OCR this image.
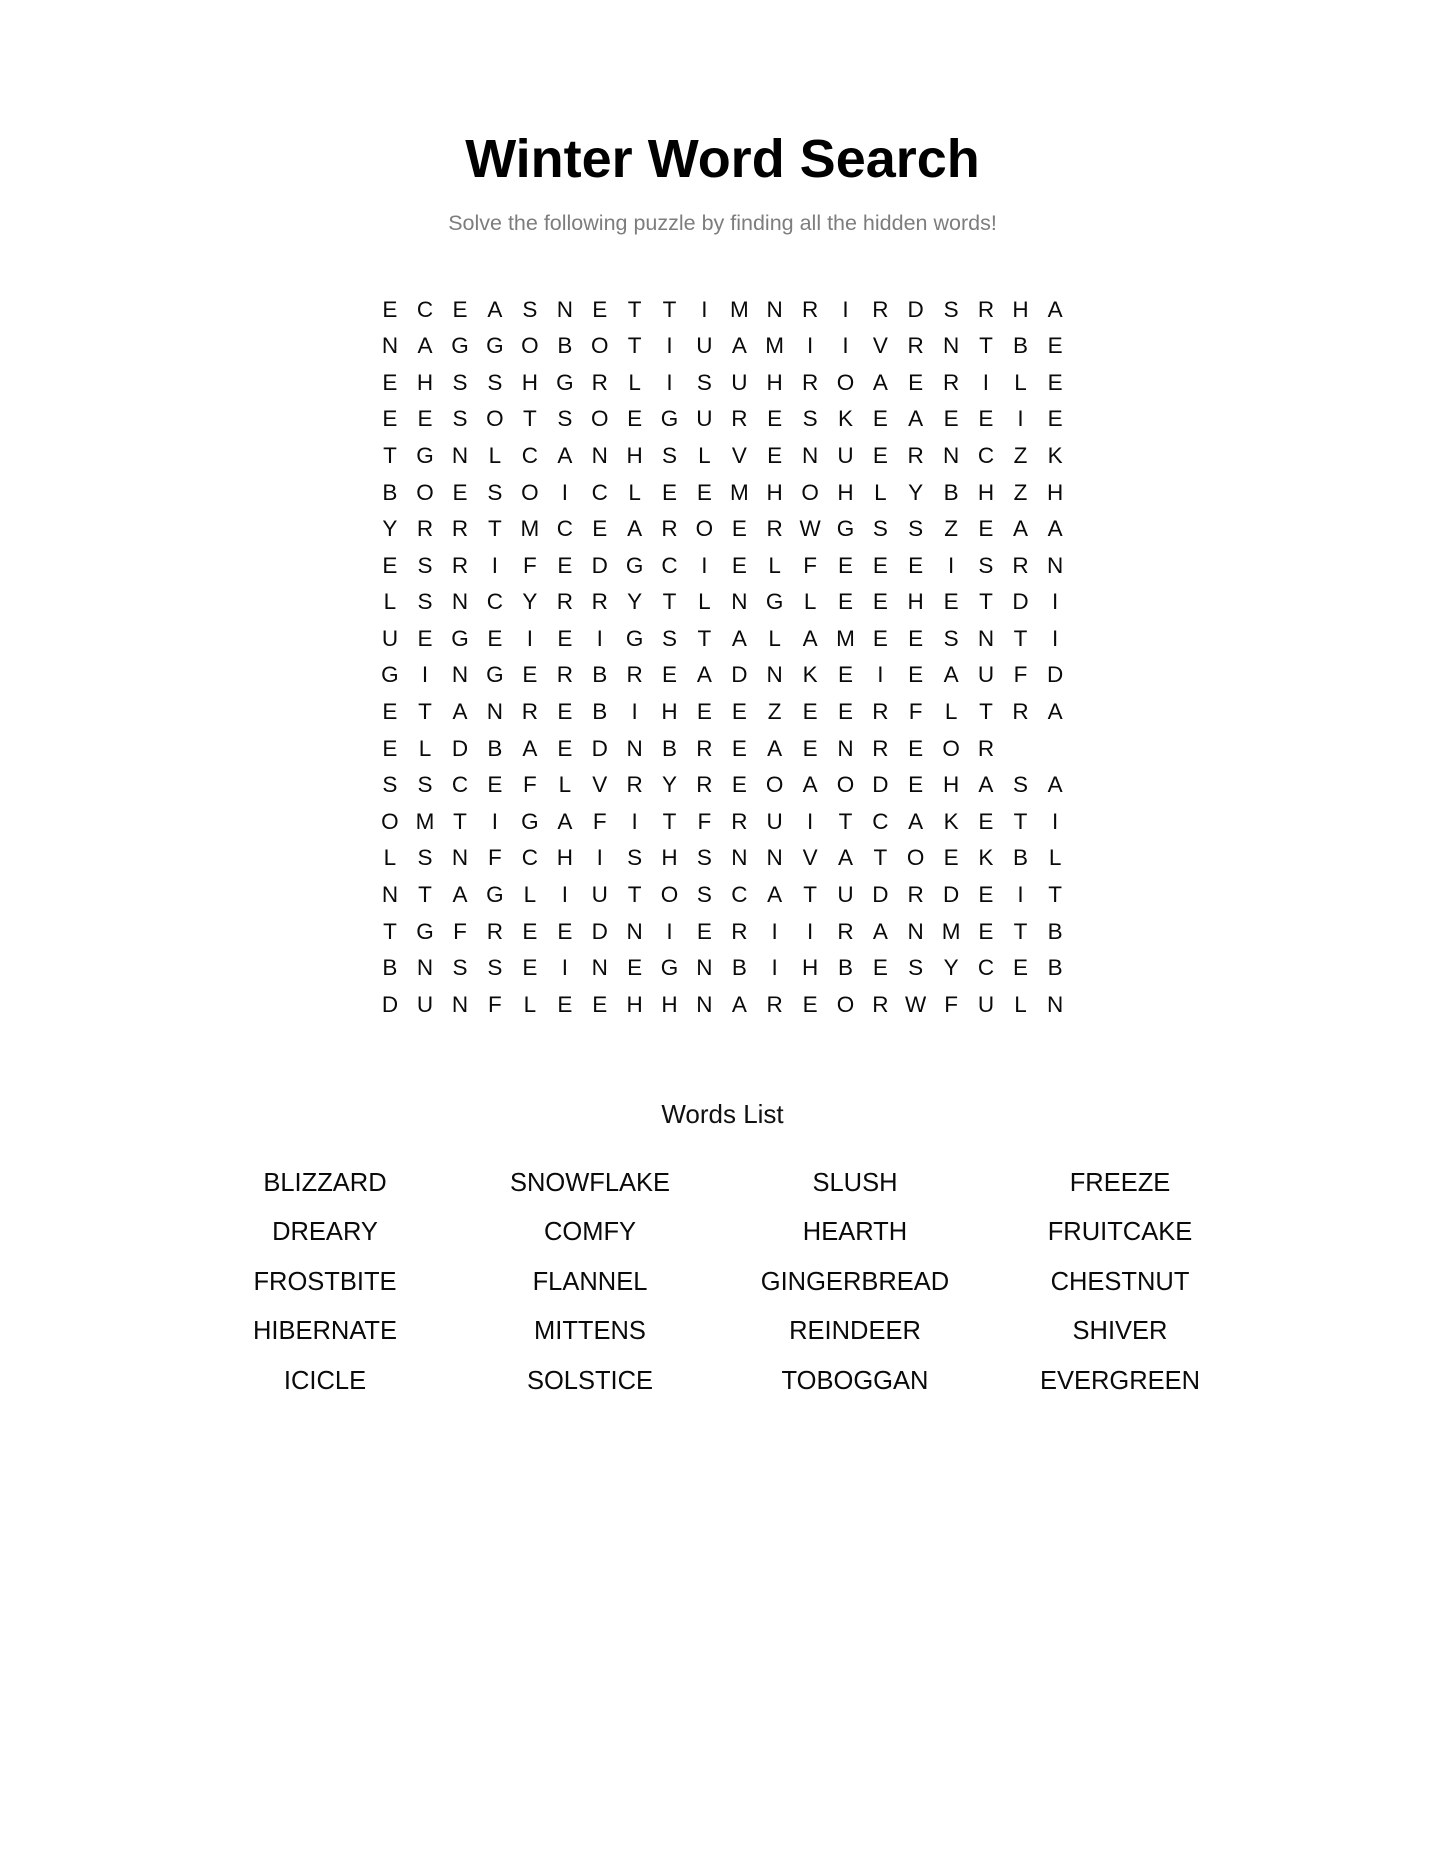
Winter Word Search

Solve the following puzzle by finding all the hidden words!

E	C	E	A	S	N	E	T	T	I	M	N	R	I	R	D	S	R	H	A
N	A	G	G	O	B	O	T	I	U	A	M	I	I	V	R	N	T	B	E
E	H	S	S	H	G	R	L	I	S	U	H	R	O	A	E	R	I	L	E
E	E	S	O	T	S	O	E	G	U	R	E	S	K	E	A	E	E	I	E
T	G	N	L	C	A	N	H	S	L	V	E	N	U	E	R	N	C	Z	K
B	O	E	S	O	I	C	L	E	E	M	H	O	H	L	Y	B	H	Z	H
Y	R	R	T	M	C	E	A	R	O	E	R	W	G	S	S	Z	E	A	A
E	S	R	I	F	E	D	G	C	I	E	L	F	E	E	E	I	S	R	N
L	S	N	C	Y	R	R	Y	T	L	N	G	L	E	E	H	E	T	D	I
U	E	G	E	I	E	I	G	S	T	A	L	A	M	E	E	S	N	T	I
G	I	N	G	E	R	B	R	E	A	D	N	K	E	I	E	A	U	F	D
E	T	A	N	R	E	B	I	H	E	E	Z	E	E	R	F	L	T	R	A
E	L	D	B	A	E	D	N	B	R	E	A	E	N	R	E	O	R		
S	S	C	E	F	L	V	R	Y	R	E	O	A	O	D	E	H	A	S	A
O	M	T	I	G	A	F	I	T	F	R	U	I	T	C	A	K	E	T	I
L	S	N	F	C	H	I	S	H	S	N	N	V	A	T	O	E	K	B	L
N	T	A	G	L	I	U	T	O	S	C	A	T	U	D	R	D	E	I	T
T	G	F	R	E	E	D	N	I	E	R	I	I	R	A	N	M	E	T	B
B	N	S	S	E	I	N	E	G	N	B	I	H	B	E	S	Y	C	E	B
D	U	N	F	L	E	E	H	H	N	A	R	E	O	R	W	F	U	L	N
Words List
BLIZZARD	SNOWFLAKE	SLUSH	FREEZE
DREARY	COMFY	HEARTH	FRUITCAKE
FROSTBITE	FLANNEL	GINGERBREAD	CHESTNUT
HIBERNATE	MITTENS	REINDEER	SHIVER
ICICLE	SOLSTICE	TOBOGGAN	EVERGREEN
